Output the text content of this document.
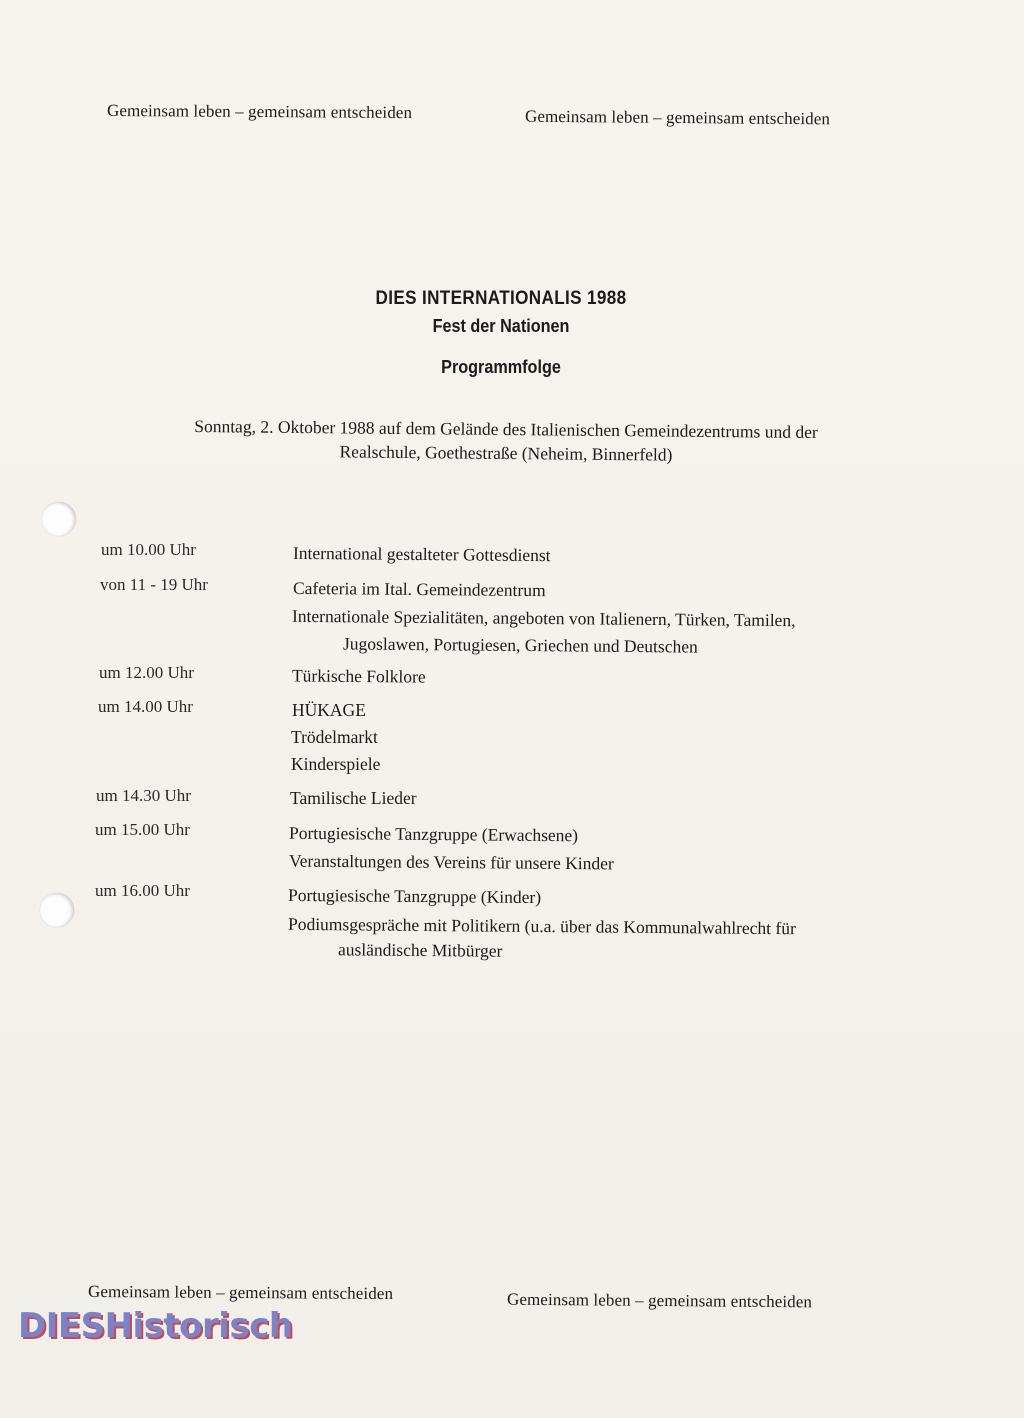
Gemeinsam leben – gemeinsam entscheiden	Gemeinsam leben – gemeinsam entscheiden
DIES INTERNATIONALIS 1988
Fest der Nationen
Programmfolge
Sonntag, 2. Oktober 1988 auf dem Gelände des Italienischen Gemeindezentrums und der
Realschule, Goethestraße (Neheim, Binnerfeld)
um 10.00 Uhr
von 11 - 19 Uhr
um 12.00 Uhr
um 14.00 Uhr
um 14.30 Uhr
um 15.00 Uhr
um 16.00 Uhr
International gestalteter Gottesdienst
Cafeteria im Ital. Gemeindezentrum
Internationale Spezialitäten, angeboten von Italienern, Türken, Tamilen,
Jugoslawen, Portugiesen, Griechen und Deutschen
Türkische Folklore
HÜKAGE
Trödelmarkt
Kinderspiele
Tamilische Lieder
Portugiesische Tanzgruppe (Erwachsene)
Veranstaltungen des Vereins für unsere Kinder
Portugiesische Tanzgruppe (Kinder)
Podiumsgespräche mit Politikern (u.a. über das Kommunalwahlrecht für
ausländische Mitbürger
Gemeinsam leben – gemeinsam entscheiden	Gemeinsam leben – gemeinsam entscheiden
DIESHistorisch
